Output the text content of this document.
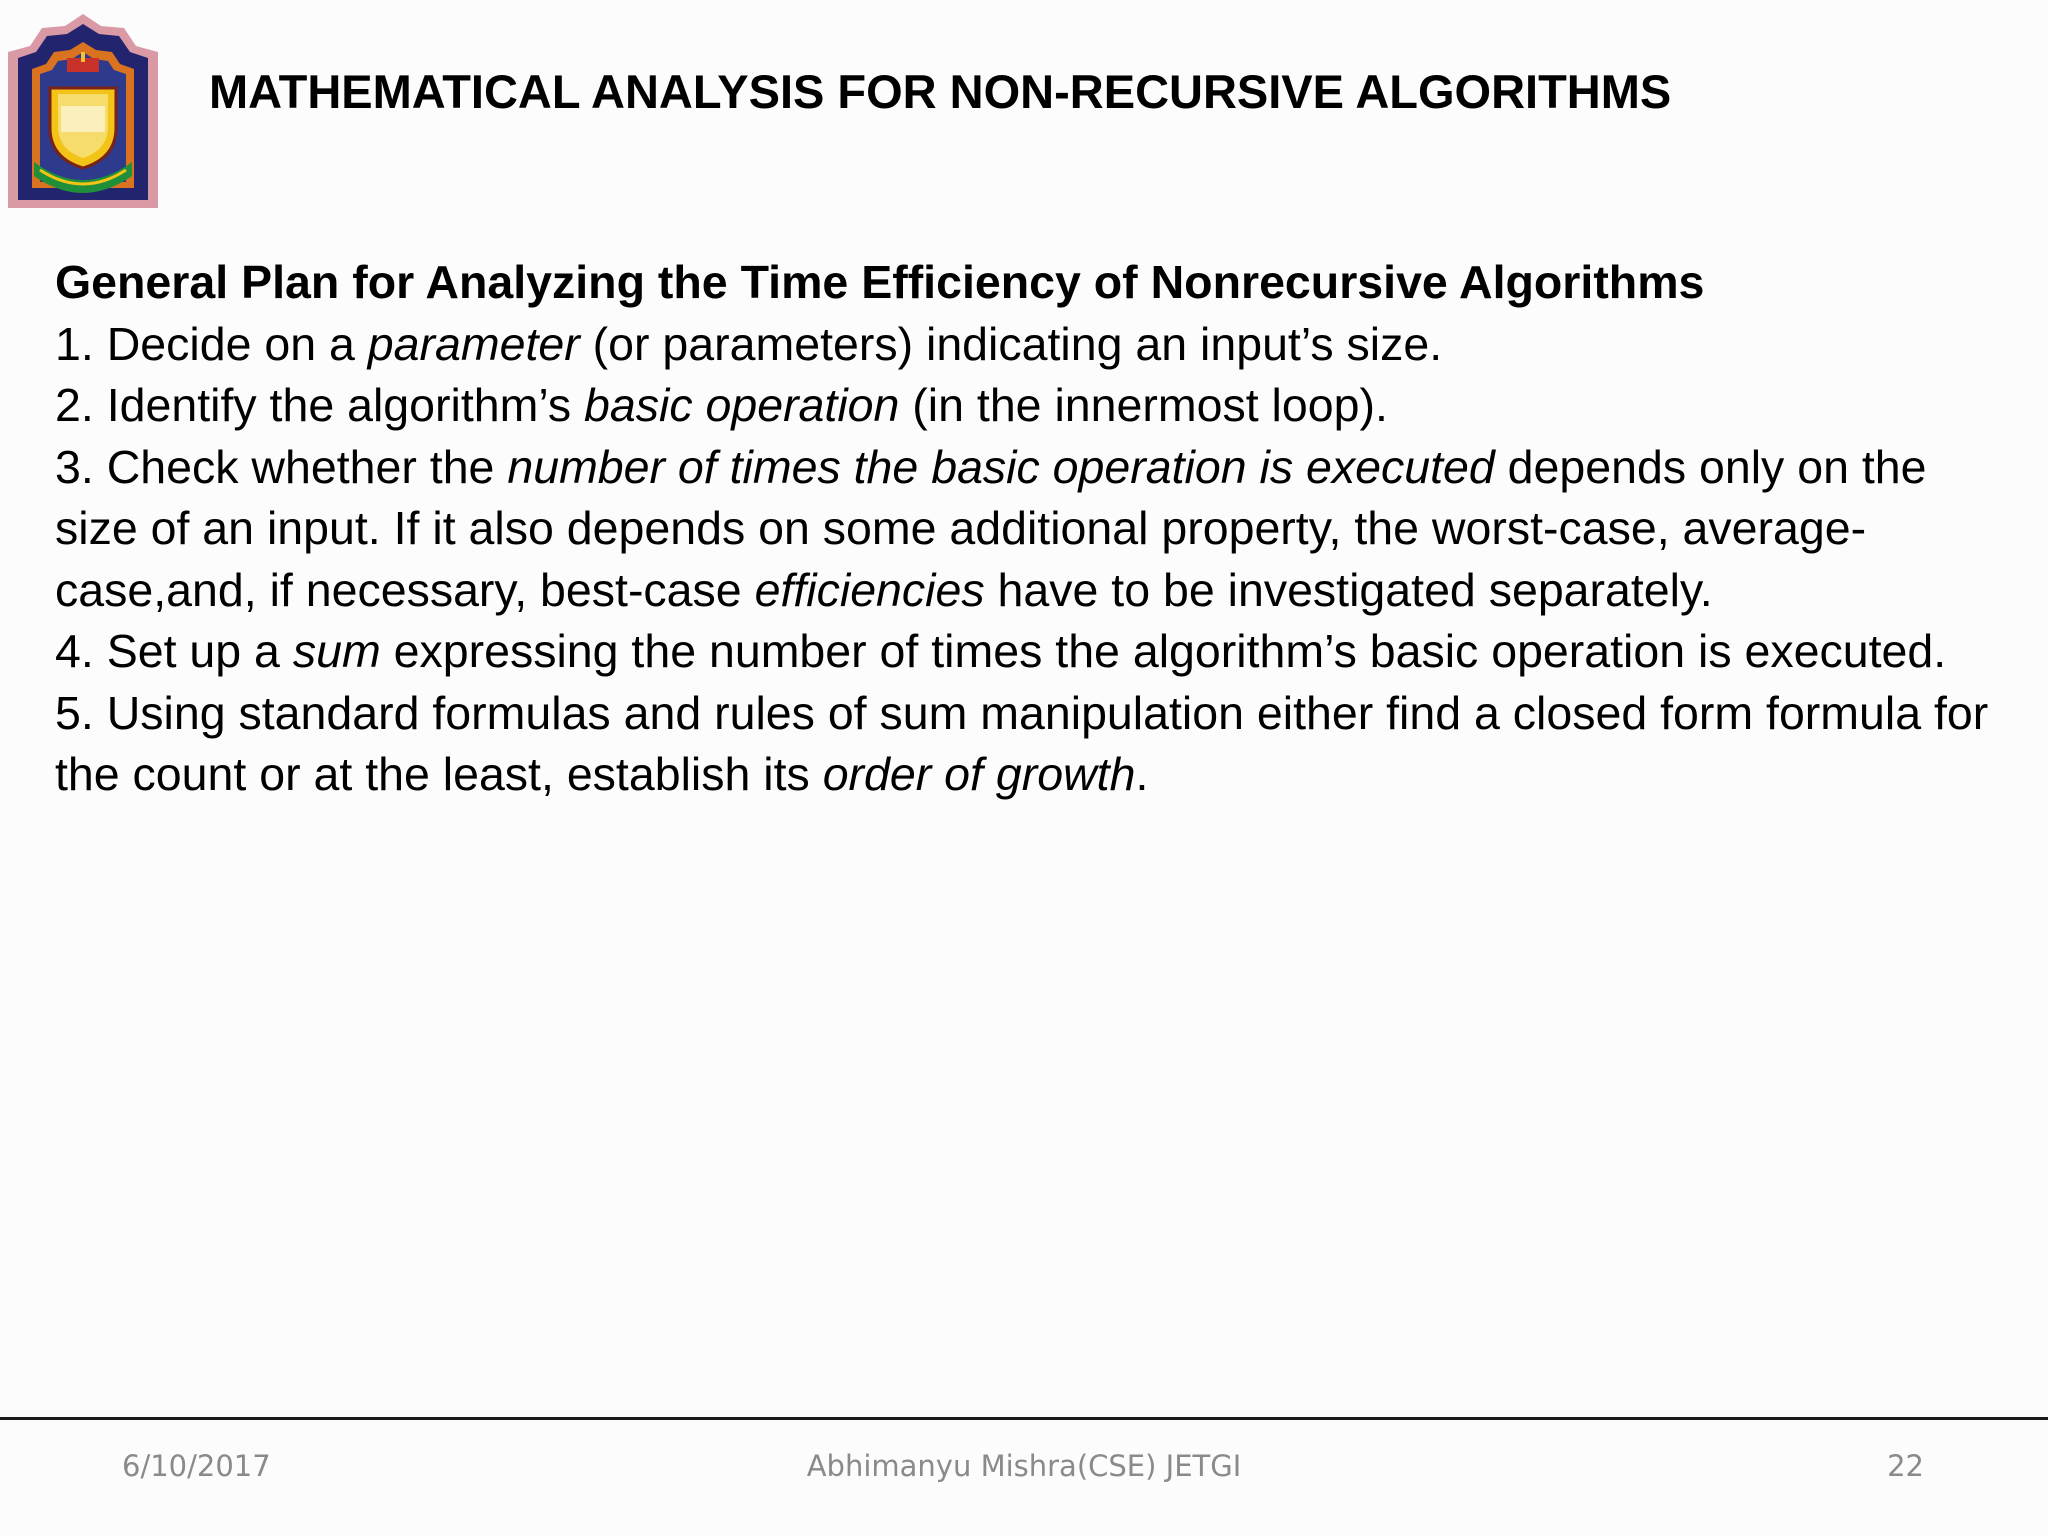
MATHEMATICAL ANALYSIS FOR NON-RECURSIVE ALGORITHMS

General Plan for Analyzing the Time Efficiency of Nonrecursive Algorithms

1. Decide on a parameter (or parameters) indicating an input’s size.

2. Identify the algorithm’s basic operation (in the innermost loop).

3. Check whether the number of times the basic operation is executed depends only on the size of an input. If it also depends on some additional property, the worst-case, average-case,and, if necessary, best-case efficiencies have to be investigated separately.

4. Set up a sum expressing the number of times the algorithm’s basic operation is executed.

5. Using standard formulas and rules of sum manipulation either find a closed form formula for the count or at the least, establish its order of growth.

6/10/2017	Abhimanyu Mishra(CSE) JETGI	22
